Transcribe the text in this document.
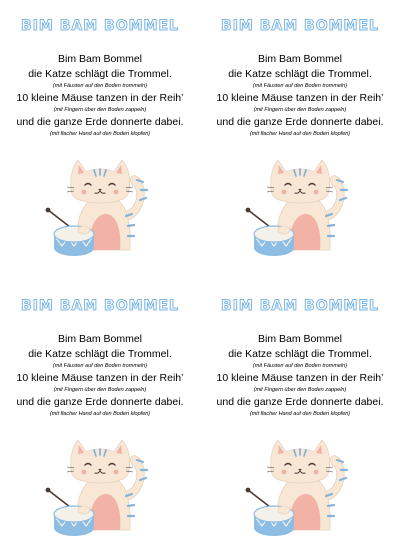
BIM BAM BOMMEL
Bim Bam Bommel
die Katze schlägt die Trommel.
(mit Fäusten auf den Boden trommeln)
10 kleine Mäuse tanzen in der Reih’
(mit Fingern über den Boden zappeln)
und die ganze Erde donnerte dabei.
(mit flacher Hand auf den Boden klopfen)
BIM BAM BOMMEL
Bim Bam Bommel
die Katze schlägt die Trommel.
(mit Fäusten auf den Boden trommeln)
10 kleine Mäuse tanzen in der Reih’
(mit Fingern über den Boden zappeln)
und die ganze Erde donnerte dabei.
(mit flacher Hand auf den Boden klopfen)
BIM BAM BOMMEL
Bim Bam Bommel
die Katze schlägt die Trommel.
(mit Fäusten auf den Boden trommeln)
10 kleine Mäuse tanzen in der Reih’
(mit Fingern über den Boden zappeln)
und die ganze Erde donnerte dabei.
(mit flacher Hand auf den Boden klopfen)
BIM BAM BOMMEL
Bim Bam Bommel
die Katze schlägt die Trommel.
(mit Fäusten auf den Boden trommeln)
10 kleine Mäuse tanzen in der Reih’
(mit Fingern über den Boden zappeln)
und die ganze Erde donnerte dabei.
(mit flacher Hand auf den Boden klopfen)
